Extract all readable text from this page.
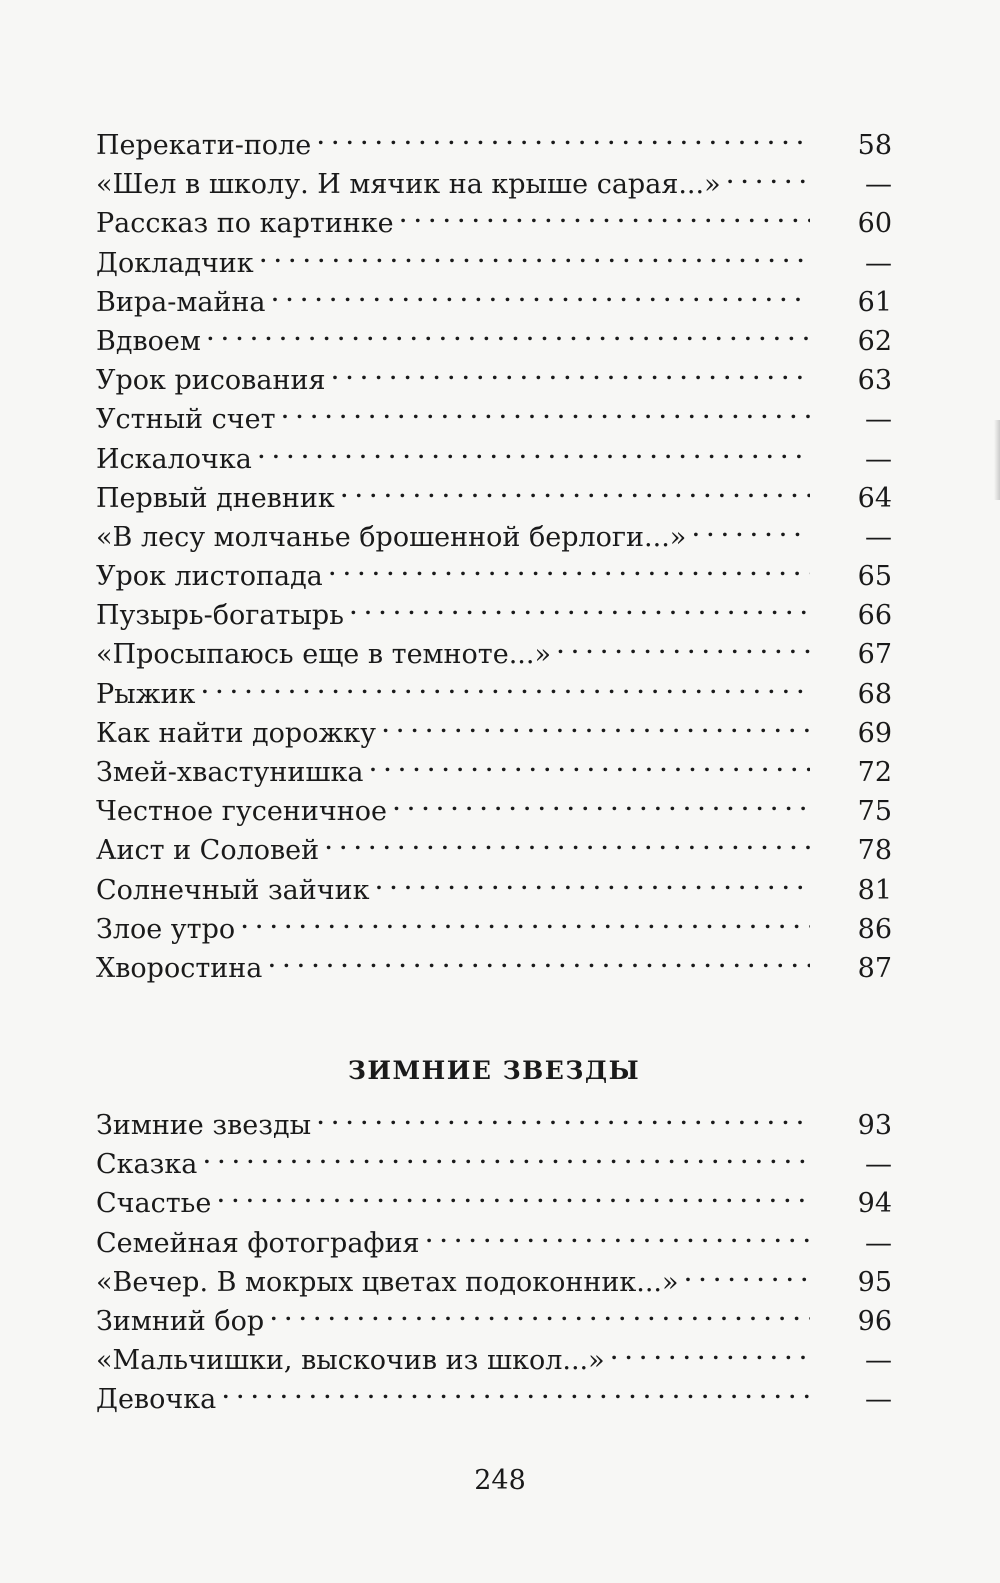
Перекати-поле . . .	58
«Шел в школу. И мячик на крыше сарая...» . . .	—
Рассказ по картинке . . .	60
Докладчик . . .	—
Вира-майна . . .	61
Вдвоем . . .	62
Урок рисования . . .	63
Устный счет . . .	—
Искалочка . . .	—
Первый дневник . . .	64
«В лесу молчанье брошенной берлоги...» . . .	—
Урок листопада . . .	65
Пузырь-богатырь . . .	66
«Просыпаюсь еще в темноте...» . . .	67
Рыжик . . .	68
Как найти дорожку . . .	69
Змей-хвастунишка . . .	72
Честное гусеничное . . .	75
Аист и Соловей . . .	78
Солнечный зайчик . . .	81
Злое утро . . .	86
Хворостина . . .	87
ЗИМНИЕ ЗВЕЗДЫ
Зимние звезды . . .	93
Сказка . . .	—
Счастье . . .	94
Семейная фотография . . .	—
«Вечер. В мокрых цветах подоконник...» . . .	95
Зимний бор . . .	96
«Мальчишки, выскочив из школ...» . . .	—
Девочка . . .	—
248
